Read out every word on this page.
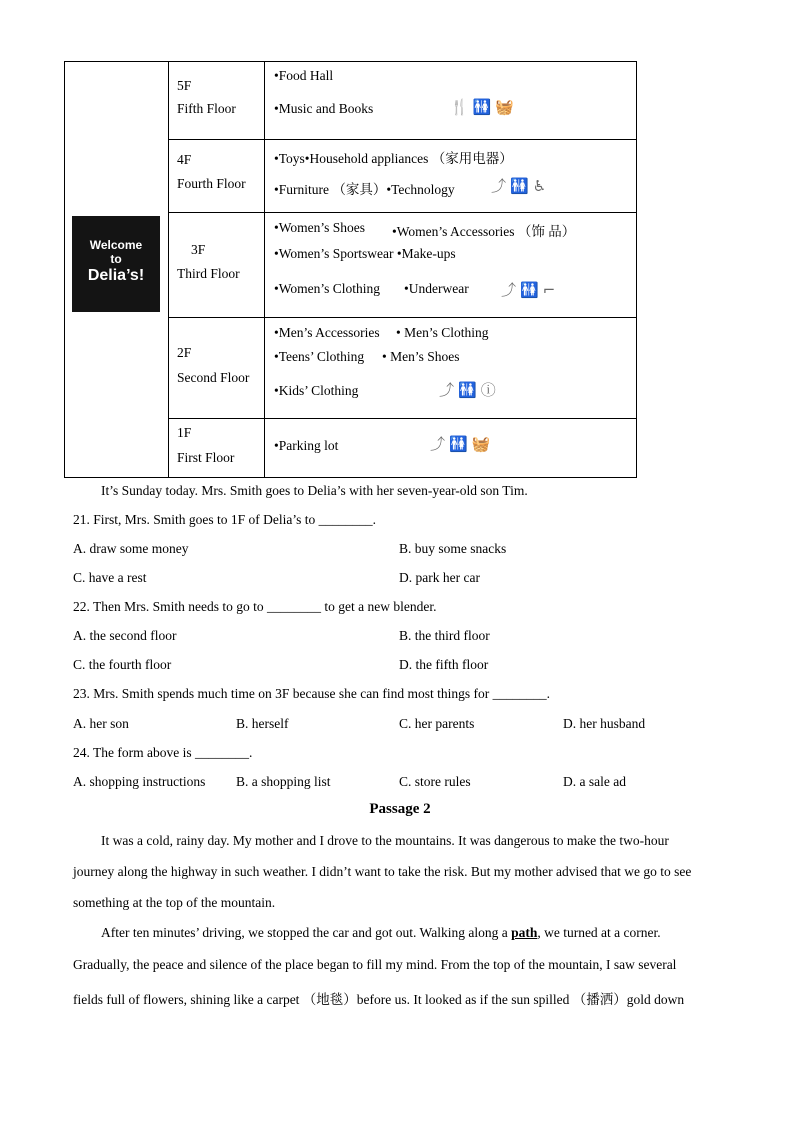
Welcome
to
Delia’s!
5F
Fifth Floor
•Food Hall
•Music and Books	🍴🚻🧺
4F
Fourth Floor
•Toys•Household appliances （家用电器）
•Furniture （家具）•Technology ⤴🚻♿
3F
Third Floor
•Women’s Shoes •Women’s Accessories （饰 品）
•Women’s Sportswear •Make-ups
•Women’s Clothing •Underwear ⤴🚻⌐
2F
Second Floor
•Men’s Accessories • Men’s Clothing
•Teens’ Clothing • Men’s Shoes
•Kids’ Clothing	⤴🚻ⓘ
1F
First Floor
•Parking lot	⤴🚻🧺
It’s Sunday today. Mrs. Smith goes to Delia’s with her seven-year-old son Tim.
21. First, Mrs. Smith goes to 1F of Delia’s to ________.
A. draw some money	B. buy some snacks
C. have a rest	D. park her car
22. Then Mrs. Smith needs to go to ________ to get a new blender.
A. the second floor	B. the third floor
C. the fourth floor	D. the fifth floor
23. Mrs. Smith spends much time on 3F because she can find most things for ________.
A. her son	B. herself	C. her parents	D. her husband
24. The form above is ________.
A. shopping instructions B. a shopping list	C. store rules	D. a sale ad
Passage 2
It was a cold, rainy day. My mother and I drove to the mountains. It was dangerous to make the two-hour
journey along the highway in such weather. I didn’t want to take the risk. But my mother advised that we go to see
something at the top of the mountain.
After ten minutes’ driving, we stopped the car and got out. Walking along a path, we turned at a corner.
Gradually, the peace and silence of the place began to fill my mind. From the top of the mountain, I saw several
fields full of flowers, shining like a carpet （地毯）before us. It looked as if the sun spilled （播洒）gold down
